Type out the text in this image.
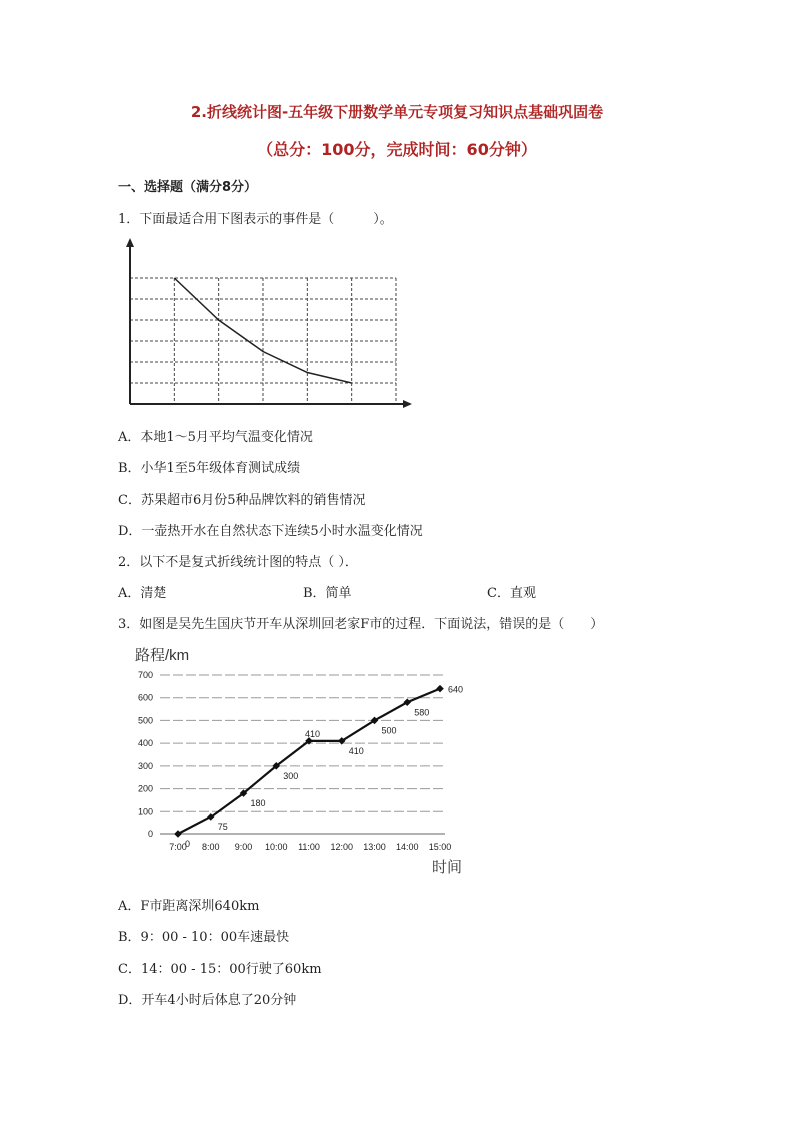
2.折线统计图-五年级下册数学单元专项复习知识点基础巩固卷
（总分：100分，完成时间：60分钟）
一、选择题（满分8分）
1．下面最适合用下图表示的事件是（　　　）。
A．本地1～5月平均气温变化情况
B．小华1至5年级体育测试成绩
C．苏果超市6月份5种品牌饮料的销售情况
D．一壶热开水在自然状态下连续5小时水温变化情况
2．以下不是复式折线统计图的特点（ ）．
A．清楚	B．简单	C．直观
3．如图是吴先生国庆节开车从深圳回老家F市的过程．下面说法，错误的是（　　）
路程/km
时间
0
100
200
300
400
500
600
700
7:00 8:00 9:00 10:00 11:00 12:00 13:00 14:00 15:00
0
75
180
300
410
410
500
580
640
A．F市距离深圳640km
B．9：00 - 10：00车速最快
C．14：00 - 15：00行驶了60km
D．开车4小时后体息了20分钟
